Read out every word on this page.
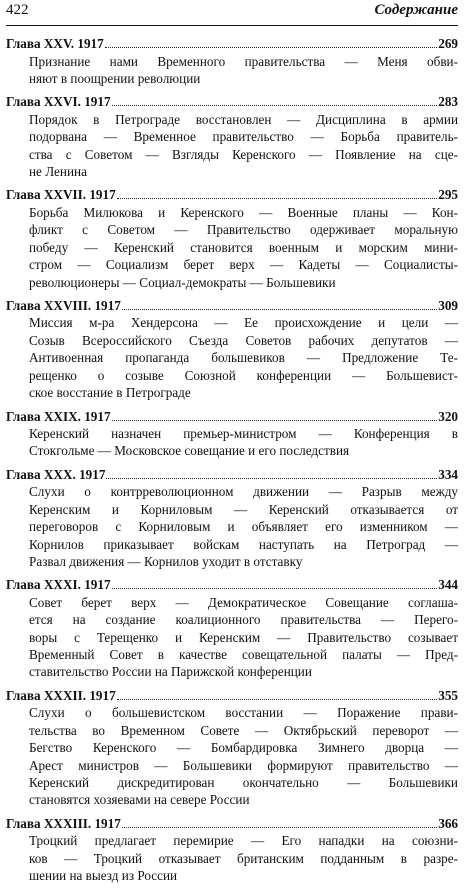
422	Содержание
Глава XXV. 1917	269
Признание нами Временного правительства — Меня обви-
няют в поощрении революции
Глава XXVI. 1917	283
Порядок в Петрограде восстановлен — Дисциплина в армии
подорвана — Временное правительство — Борьба правитель-
ства с Советом — Взгляды Керенского — Появление на сце-
не Ленина
Глава XXVII. 1917	295
Борьба Милюкова и Керенского — Военные планы — Кон-
фликт с Советом — Правительство одерживает моральную
победу — Керенский становится военным и морским мини-
стром — Социализм берет верх — Кадеты — Социалисты-
революционеры — Социал-демократы — Большевики
Глава XXVIII. 1917	309
Миссия м-ра Хендерсона — Ее происхождение и цели —
Созыв Всероссийского Съезда Советов рабочих депутатов —
Антивоенная пропаганда большевиков — Предложение Те-
рещенко о созыве Союзной конференции — Большевист-
ское восстание в Петрограде
Глава XXIX. 1917	320
Керенский назначен премьер-министром — Конференция в
Стокгольме — Московское совещание и его последствия
Глава XXX. 1917	334
Слухи о контрреволюционном движении — Разрыв между
Керенским и Корниловым — Керенский отказывается от
переговоров с Корниловым и объявляет его изменником —
Корнилов приказывает войскам наступать на Петроград —
Развал движения — Корнилов уходит в отставку
Глава XXXI. 1917	344
Совет берет верх — Демократическое Совещание соглаша-
ется на создание коалиционного правительства — Перего-
воры с Терещенко и Керенским — Правительство созывает
Временный Совет в качестве совещательной палаты — Пред-
ставительство России на Парижской конференции
Глава XXXII. 1917	355
Слухи о большевистском восстании — Поражение прави-
тельства во Временном Совете — Октябрьский переворот —
Бегство Керенского — Бомбардировка Зимнего дворца —
Арест министров — Большевики формируют правительство —
Керенский дискредитирован окончательно — Большевики
становятся хозяевами на севере России
Глава XXXIII. 1917	366
Троцкий предлагает перемирие — Его нападки на союзни-
ков — Троцкий отказывает британским подданным в разре-
шении на выезд из России
